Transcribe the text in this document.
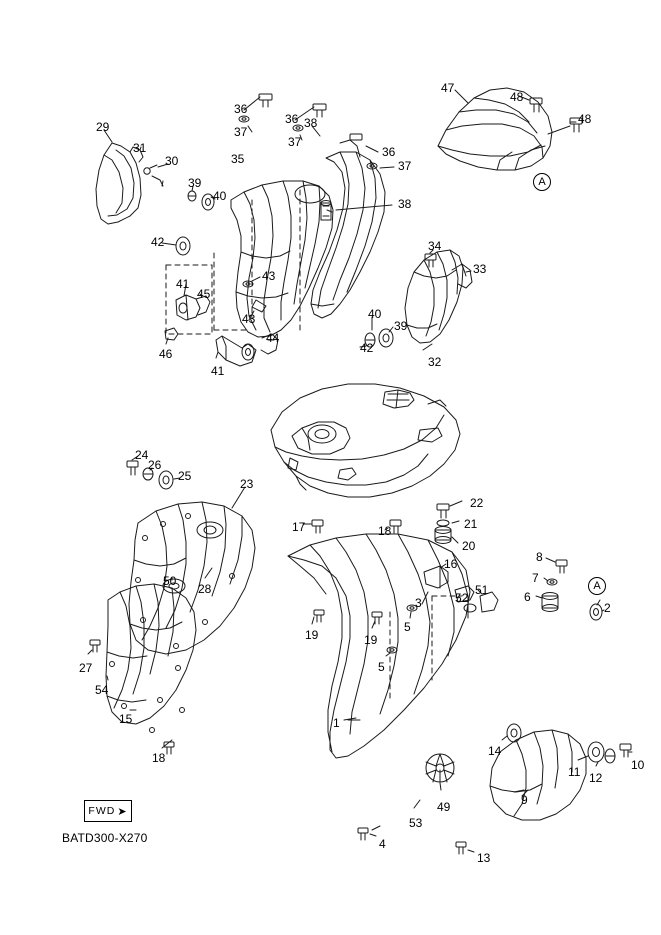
29
31
30
39
40
35
36
37
36
37
38
36
37
38
47
48
48
34
33
40
39
42
32
42
41
45
43
43
44
41
46
24
26
25
23
28
50
27
54
15
18
17
19	19
5
5
3	52
51
16
18
20
21
22
8
7
6
2
1
14
11 12
10
9
49
53
4
13
A
A
FWD ➤
BATD300-X270
